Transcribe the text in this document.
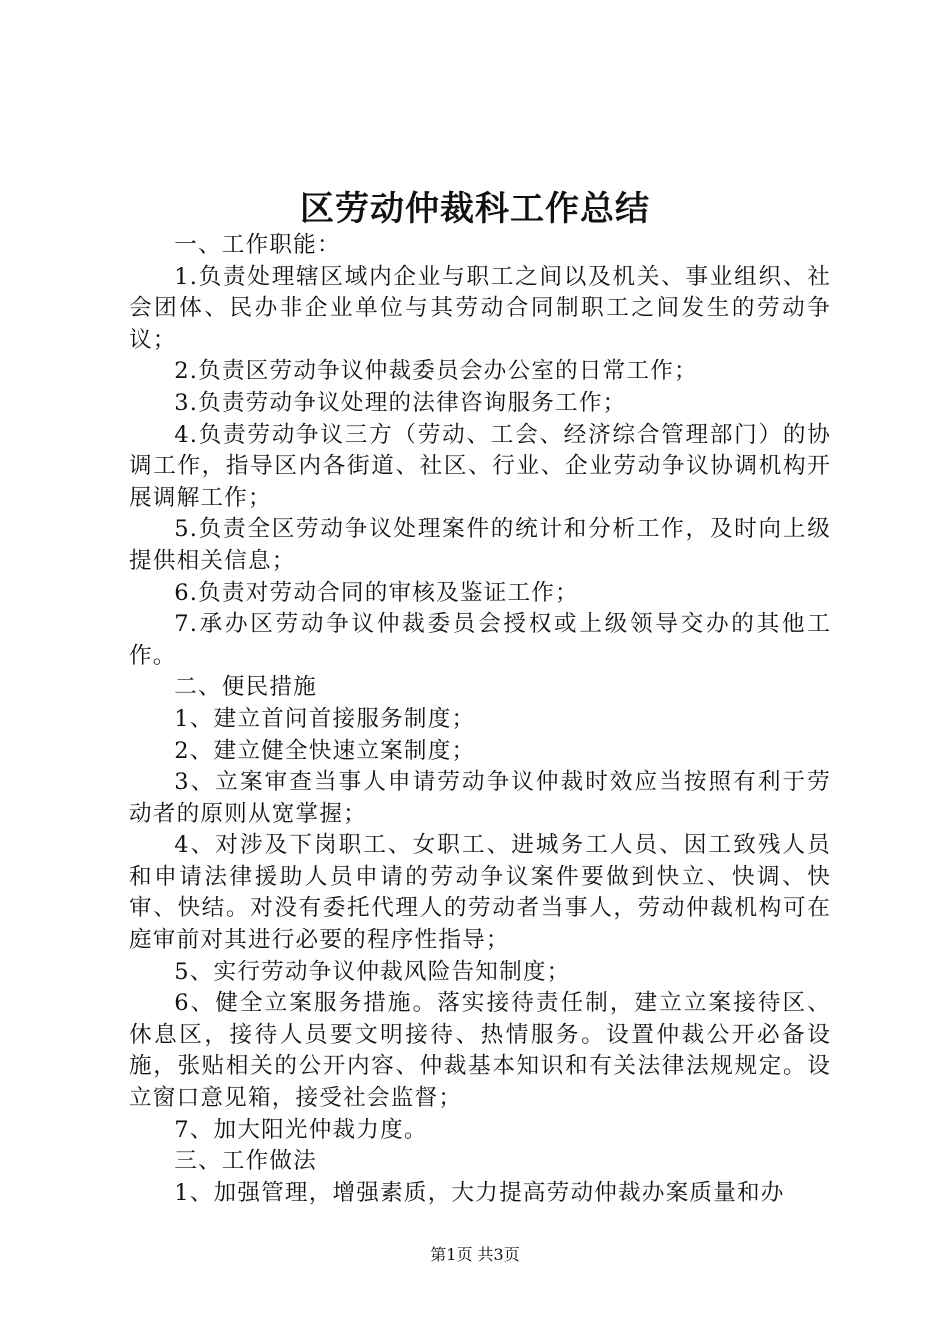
区劳动仲裁科工作总结

一、工作职能：

1.负责处理辖区域内企业与职工之间以及机关、事业组织、社会团体、民办非企业单位与其劳动合同制职工之间发生的劳动争议；

2.负责区劳动争议仲裁委员会办公室的日常工作；

3.负责劳动争议处理的法律咨询服务工作；

4.负责劳动争议三方（劳动、工会、经济综合管理部门）的协调工作，指导区内各街道、社区、行业、企业劳动争议协调机构开展调解工作；

5.负责全区劳动争议处理案件的统计和分析工作，及时向上级提供相关信息；

6.负责对劳动合同的审核及鉴证工作；

7.承办区劳动争议仲裁委员会授权或上级领导交办的其他工作。

二、便民措施

1、建立首问首接服务制度；

2、建立健全快速立案制度；

3、立案审查当事人申请劳动争议仲裁时效应当按照有利于劳动者的原则从宽掌握；

4、对涉及下岗职工、女职工、进城务工人员、因工致残人员和申请法律援助人员申请的劳动争议案件要做到快立、快调、快审、快结。对没有委托代理人的劳动者当事人，劳动仲裁机构可在庭审前对其进行必要的程序性指导；

5、实行劳动争议仲裁风险告知制度；

6、健全立案服务措施。落实接待责任制，建立立案接待区、休息区，接待人员要文明接待、热情服务。设置仲裁公开必备设施，张贴相关的公开内容、仲裁基本知识和有关法律法规规定。设立窗口意见箱，接受社会监督；

7、加大阳光仲裁力度。

三、工作做法

1、加强管理，增强素质，大力提高劳动仲裁办案质量和办

第1页 共3页
